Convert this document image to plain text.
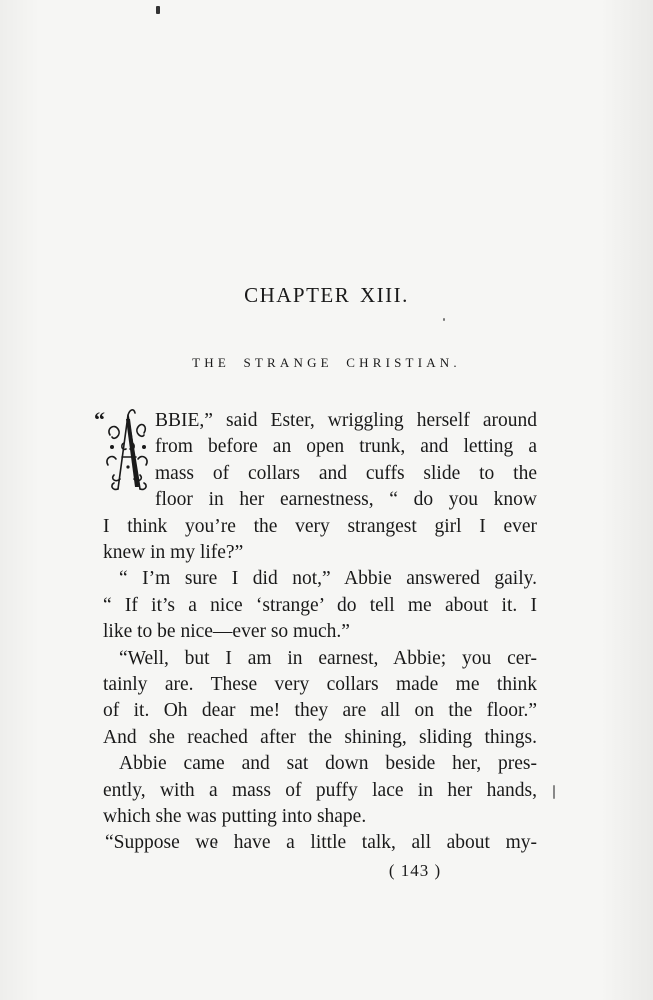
CHAPTER XIII.
THE STRANGE CHRISTIAN.
“	BBIE,” said Ester, wriggling herself around
from before an open trunk, and letting a
mass of collars and cuffs slide to the
floor in her earnestness, “ do you know
I think you’re the very strangest girl I ever
knew in my life?”
“ I’m sure I did not,” Abbie answered gaily.
“ If it’s a nice ‘strange’ do tell me about it. I
like to be nice—ever so much.”
“Well, but I am in earnest, Abbie; you cer-
tainly are. These very collars made me think
of it. Oh dear me! they are all on the floor.”
And she reached after the shining, sliding things.
Abbie came and sat down beside her, pres-
ently, with a mass of puffy lace in her hands,
which she was putting into shape.
“Suppose we have a little talk, all about my-
( 143 )
